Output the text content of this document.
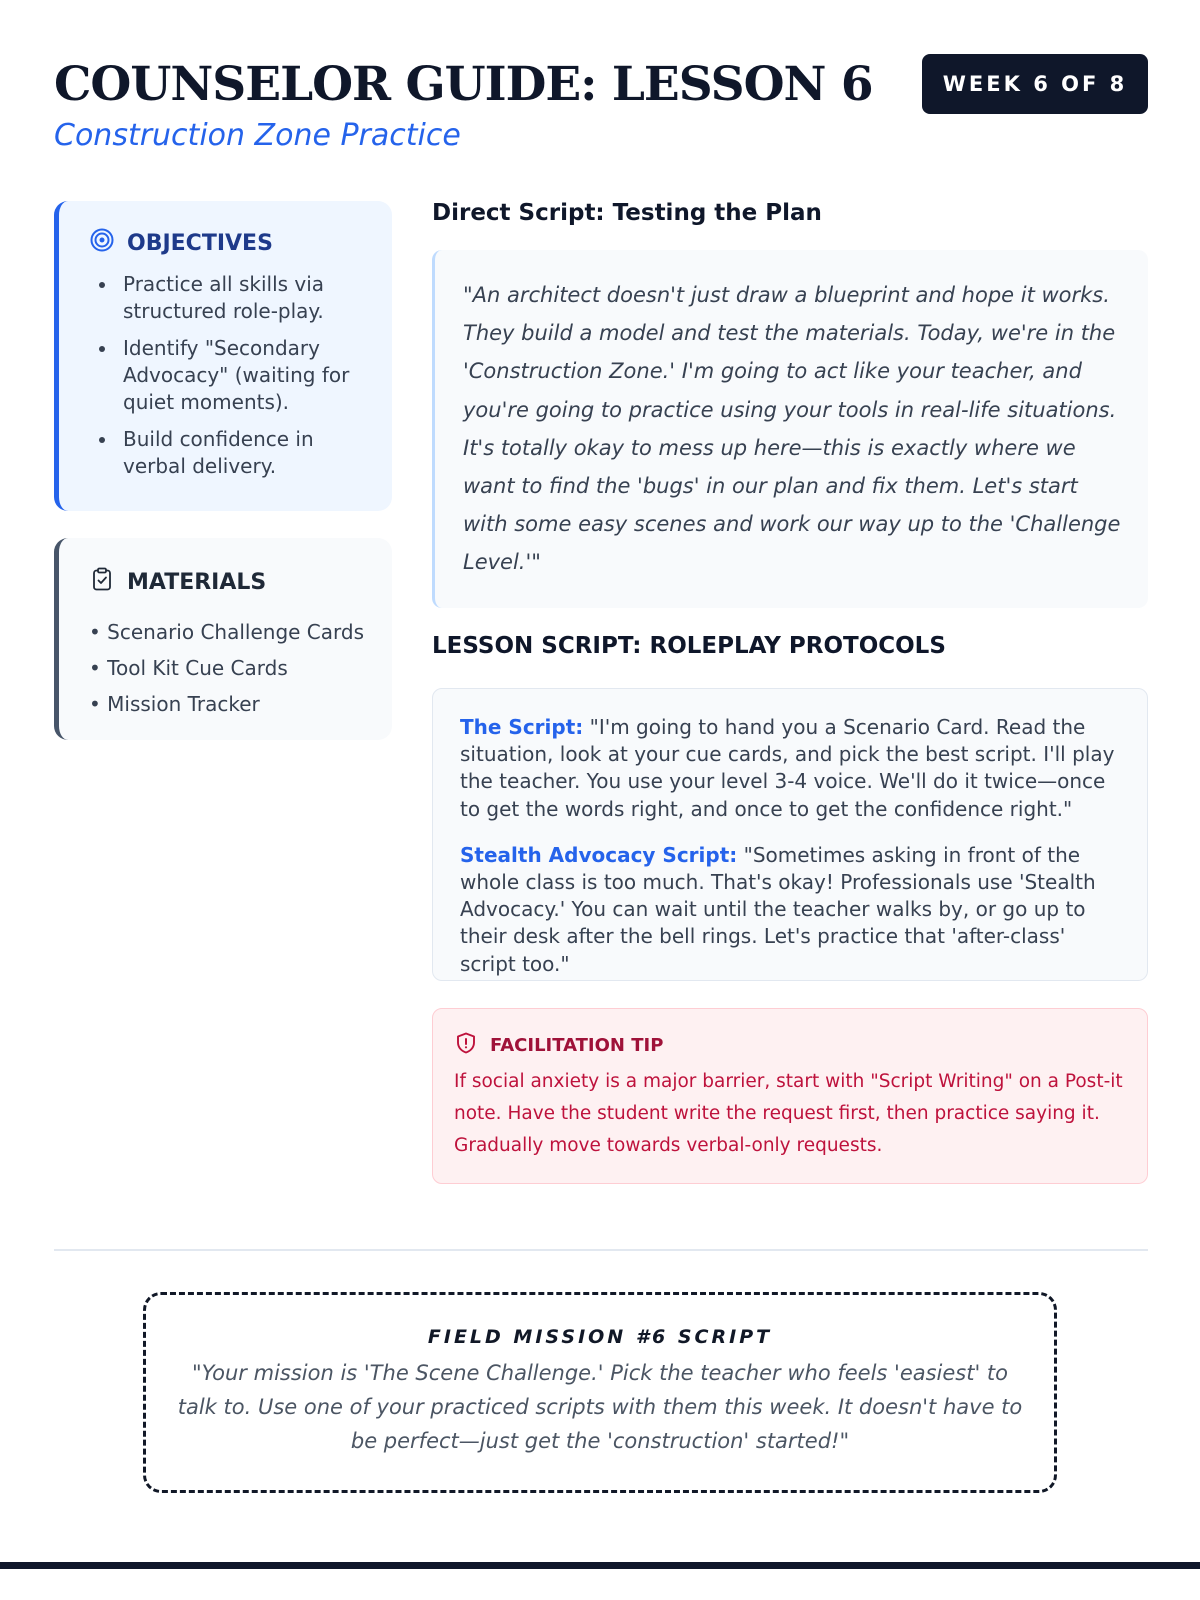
COUNSELOR GUIDE: LESSON 6
Construction Zone Practice
WEEK 6 OF 8
OBJECTIVES
Practice all skills via structured role-play.
Identify "Secondary Advocacy" (waiting for quiet moments).
Build confidence in verbal delivery.
MATERIALS
• Scenario Challenge Cards
• Tool Kit Cue Cards
• Mission Tracker
Direct Script: Testing the Plan
"An architect doesn't just draw a blueprint and hope it works. They build a model and test the materials. Today, we're in the 'Construction Zone.' I'm going to act like your teacher, and you're going to practice using your tools in real-life situations. It's totally okay to mess up here—this is exactly where we want to find the 'bugs' in our plan and fix them. Let's start with some easy scenes and work our way up to the 'Challenge Level.'"
LESSON SCRIPT: ROLEPLAY PROTOCOLS

The Script: "I'm going to hand you a Scenario Card. Read the situation, look at your cue cards, and pick the best script. I'll play the teacher. You use your level 3-4 voice. We'll do it twice—once to get the words right, and once to get the confidence right."

Stealth Advocacy Script: "Sometimes asking in front of the whole class is too much. That's okay! Professionals use 'Stealth Advocacy.' You can wait until the teacher walks by, or go up to their desk after the bell rings. Let's practice that 'after-class' script too."

FACILITATION TIP
If social anxiety is a major barrier, start with "Script Writing" on a Post-it note. Have the student write the request first, then practice saying it. Gradually move towards verbal-only requests.
FIELD MISSION #6 SCRIPT
"Your mission is 'The Scene Challenge.' Pick the teacher who feels 'easiest' to talk to. Use one of your practiced scripts with them this week. It doesn't have to be perfect—just get the 'construction' started!"
